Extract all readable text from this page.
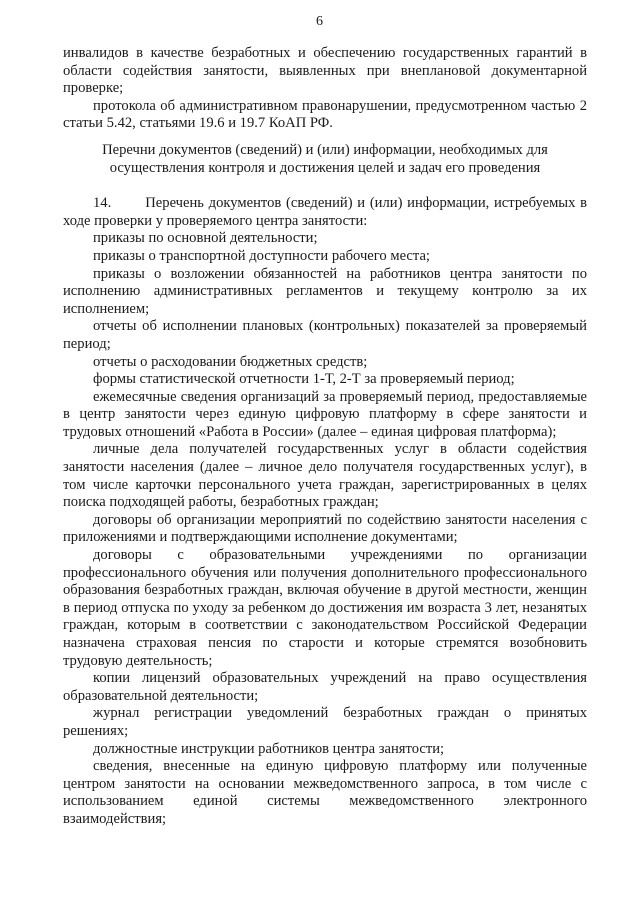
6

инвалидов в качестве безработных и обеспечению государственных гарантий в области содействия занятости, выявленных при внеплановой документарной проверке;

протокола об административном правонарушении, предусмотренном частью 2 статьи 5.42, статьями 19.6 и 19.7 КоАП РФ.

Перечни документов (сведений) и (или) информации, необходимых для осуществления контроля и достижения целей и задач его проведения

14. Перечень документов (сведений) и (или) информации, истребуемых в ходе проверки у проверяемого центра занятости:

приказы по основной деятельности;

приказы о транспортной доступности рабочего места;

приказы о возложении обязанностей на работников центра занятости по исполнению административных регламентов и текущему контролю за их исполнением;

отчеты об исполнении плановых (контрольных) показателей за проверяемый период;

отчеты о расходовании бюджетных средств;

формы статистической отчетности 1-Т, 2-Т за проверяемый период;

ежемесячные сведения организаций за проверяемый период, предоставляемые в центр занятости через единую цифровую платформу в сфере занятости и трудовых отношений «Работа в России» (далее – единая цифровая платформа);

личные дела получателей государственных услуг в области содействия занятости населения (далее – личное дело получателя государственных услуг), в том числе карточки персонального учета граждан, зарегистрированных в целях поиска подходящей работы, безработных граждан;

договоры об организации мероприятий по содействию занятости населения с приложениями и подтверждающими исполнение документами;

договоры с образовательными учреждениями по организации профессионального обучения или получения дополнительного профессионального образования безработных граждан, включая обучение в другой местности, женщин в период отпуска по уходу за ребенком до достижения им возраста 3 лет, незанятых граждан, которым в соответствии с законодательством Российской Федерации назначена страховая пенсия по старости и которые стремятся возобновить трудовую деятельность;

копии лицензий образовательных учреждений на право осуществления образовательной деятельности;

журнал регистрации уведомлений безработных граждан о принятых решениях;

должностные инструкции работников центра занятости;

сведения, внесенные на единую цифровую платформу или полученные центром занятости на основании межведомственного запроса, в том числе с использованием единой системы межведомственного электронного взаимодействия;
